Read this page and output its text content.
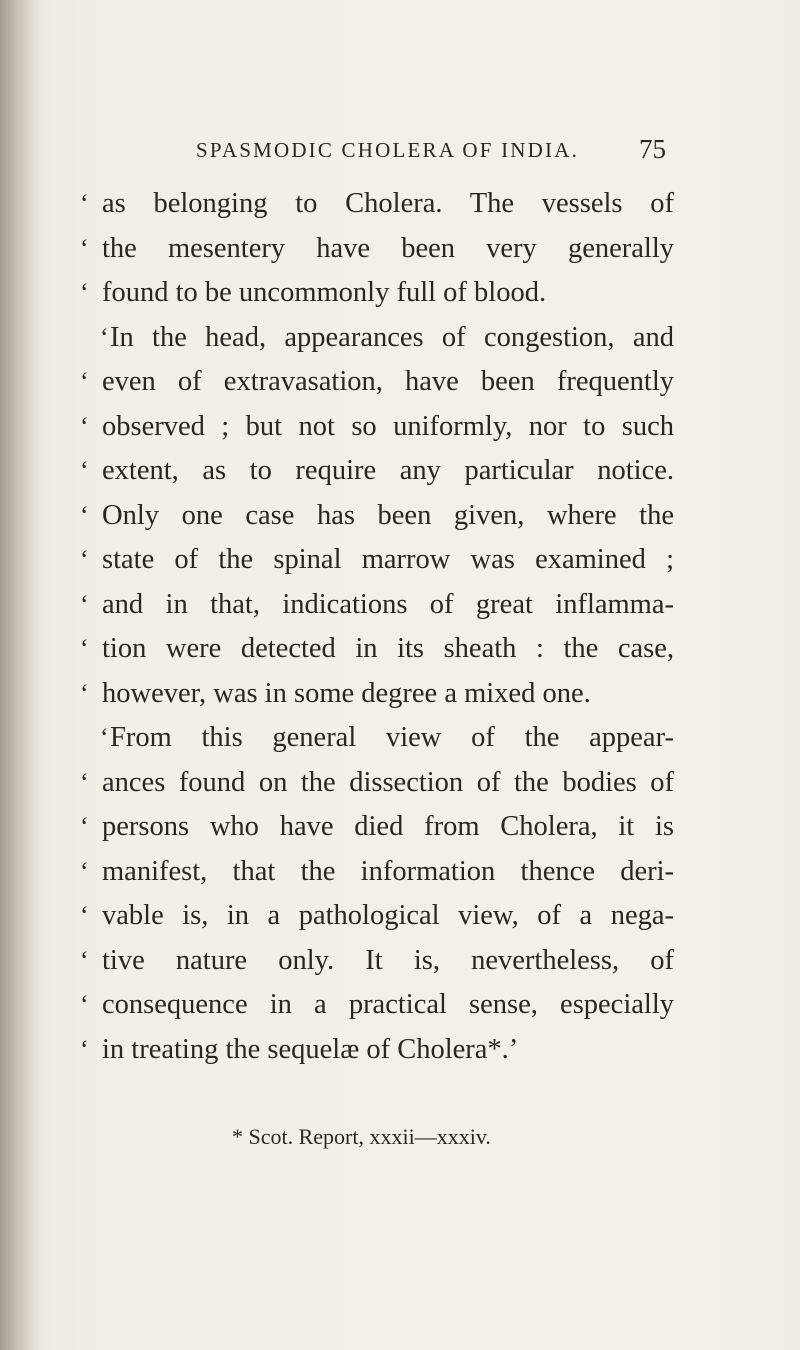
SPASMODIC CHOLERA OF INDIA. 75
‘ as belonging to Cholera. The vessels of
‘ the mesentery have been very generally
‘ found to be uncommonly full of blood.
‘ In the head, appearances of congestion, and
‘ even of extravasation, have been frequently
‘ observed ; but not so uniformly, nor to such
‘ extent, as to require any particular notice.
‘ Only one case has been given, where the
‘ state of the spinal marrow was examined ;
‘ and in that, indications of great inflamma-
‘ tion were detected in its sheath : the case,
‘ however, was in some degree a mixed one.
‘ From this general view of the appear-
‘ ances found on the dissection of the bodies of
‘ persons who have died from Cholera, it is
‘ manifest, that the information thence deri-
‘ vable is, in a pathological view, of a nega-
‘ tive nature only. It is, nevertheless, of
‘ consequence in a practical sense, especially
‘ in treating the sequelæ of Cholera*.’
* Scot. Report, xxxii—xxxiv.
